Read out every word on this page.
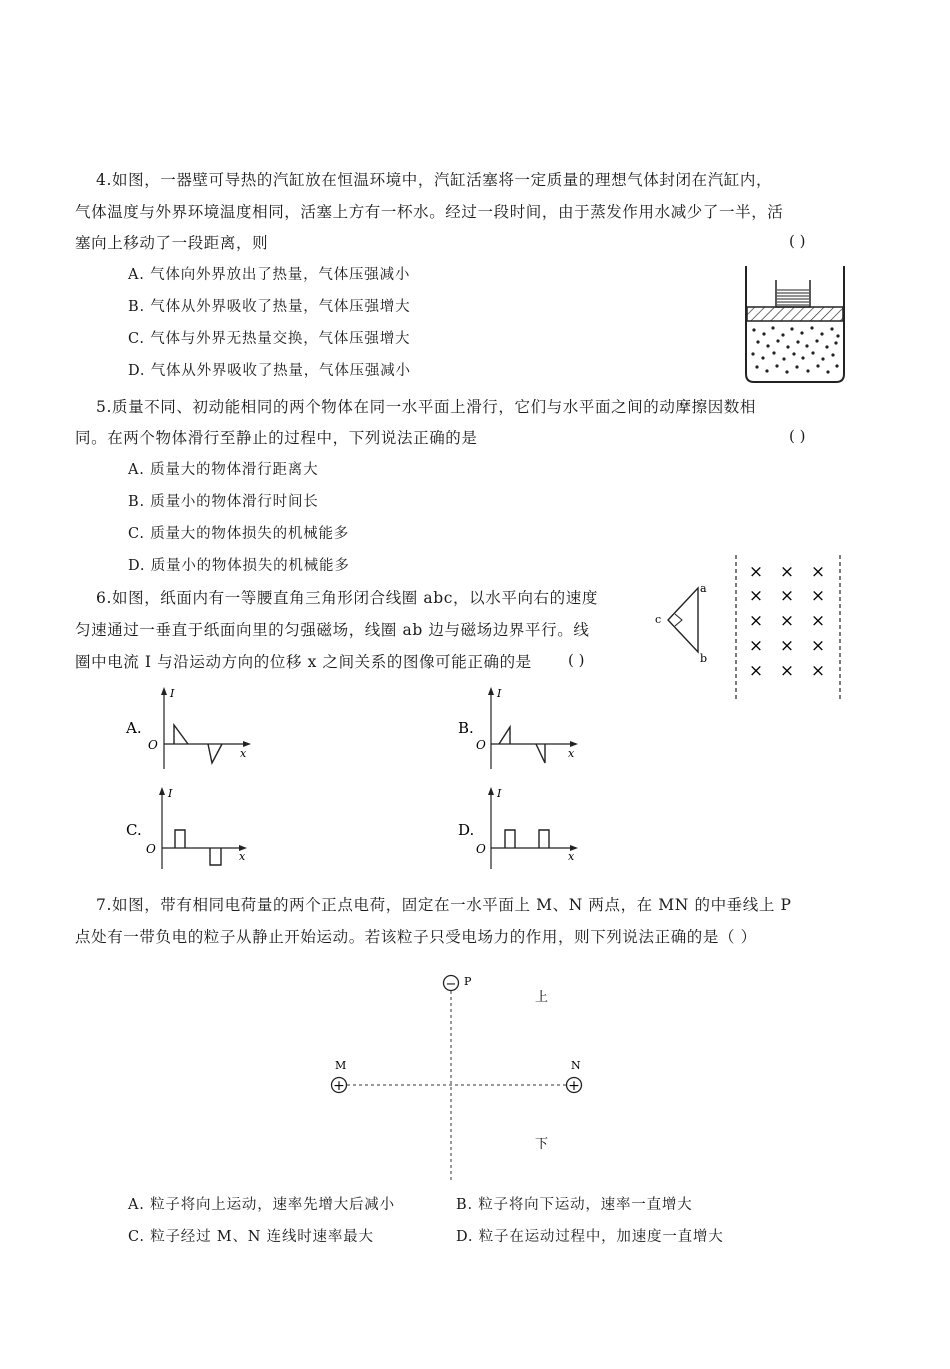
4.如图，一器壁可导热的汽缸放在恒温环境中，汽缸活塞将一定质量的理想气体封闭在汽缸内，
气体温度与外界环境温度相同，活塞上方有一杯水。经过一段时间，由于蒸发作用水减少了一半，活
塞向上移动了一段距离，则	( )
A. 气体向外界放出了热量，气体压强减小
B. 气体从外界吸收了热量，气体压强增大
C. 气体与外界无热量交换，气体压强增大
D. 气体从外界吸收了热量，气体压强减小
5.质量不同、初动能相同的两个物体在同一水平面上滑行，它们与水平面之间的动摩擦因数相
同。在两个物体滑行至静止的过程中，下列说法正确的是	( )
A. 质量大的物体滑行距离大
B. 质量小的物体滑行时间长
C. 质量大的物体损失的机械能多
D. 质量小的物体损失的机械能多
6.如图，纸面内有一等腰直角三角形闭合线圈 abc，以水平向右的速度
匀速通过一垂直于纸面向里的匀强磁场，线圈 ab 边与磁场边界平行。线
圈中电流 I 与沿运动方向的位移 x 之间关系的图像可能正确的是 ( )
a
b
c
× × ×
× × ×
× × ×
× × ×
× × ×
A.
I
x
O
B.
I
x
O
C.
I
x
O
D.
I
x
O
7.如图，带有相同电荷量的两个正点电荷，固定在一水平面上 M、N 两点，在 MN 的中垂线上 P
点处有一带负电的粒子从静止开始运动。若该粒子只受电场力的作用，则下列说法正确的是（ ）
− P
+
M
+
N
上
下
A. 粒子将向上运动，速率先增大后减小	B. 粒子将向下运动，速率一直增大
C. 粒子经过 M、N 连线时速率最大	D. 粒子在运动过程中，加速度一直增大
